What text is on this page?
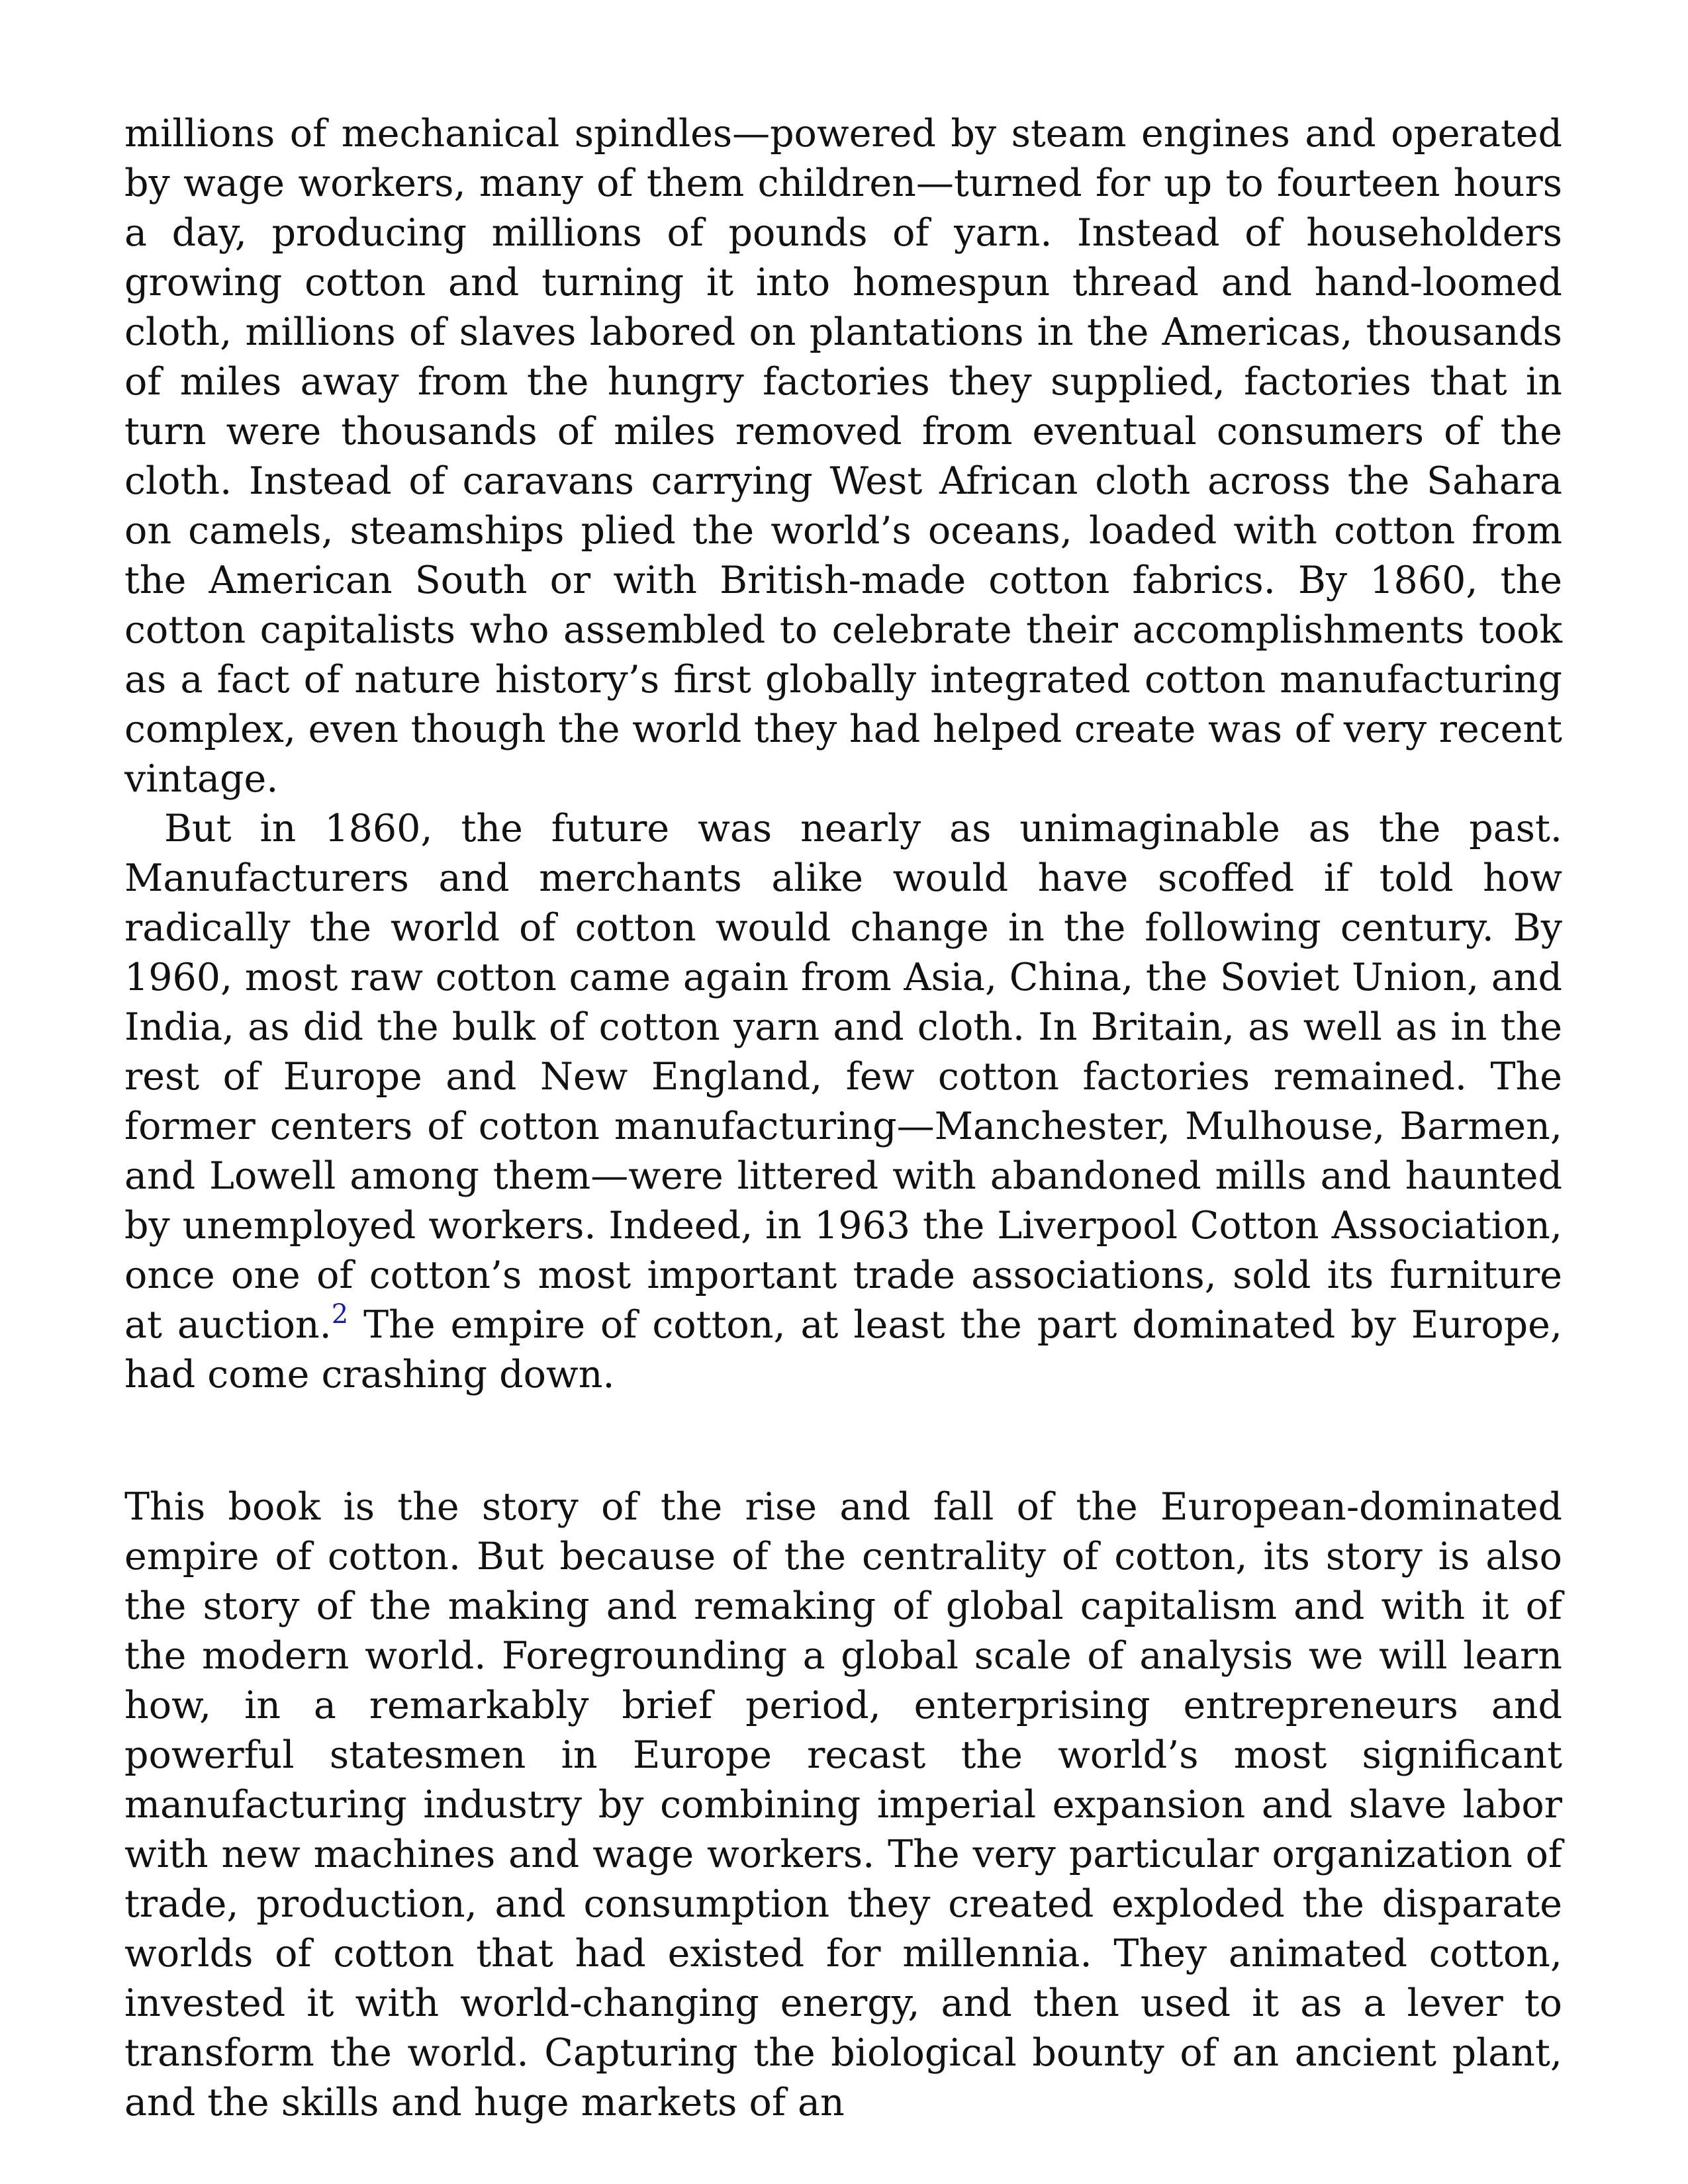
millions of mechanical spindles—powered by steam engines and operated by wage workers, many of them children—turned for up to fourteen hours a day, producing millions of pounds of yarn. Instead of householders growing cotton and turning it into homespun thread and hand-loomed cloth, millions of slaves labored on plantations in the Americas, thousands of miles away from the hungry factories they supplied, factories that in turn were thousands of miles removed from eventual consumers of the cloth. Instead of caravans carrying West African cloth across the Sahara on camels, steamships plied the world’s oceans, loaded with cotton from the American South or with British-made cotton fabrics. By 1860, the cotton capitalists who assembled to celebrate their accomplishments took as a fact of nature history’s first globally integrated cotton manufacturing complex, even though the world they had helped create was of very recent vintage.

But in 1860, the future was nearly as unimaginable as the past. Manufacturers and merchants alike would have scoffed if told how radically the world of cotton would change in the following century. By 1960, most raw cotton came again from Asia, China, the Soviet Union, and India, as did the bulk of cotton yarn and cloth. In Britain, as well as in the rest of Europe and New England, few cotton factories remained. The former centers of cotton manufacturing—Manchester, Mulhouse, Barmen, and Lowell among them—were littered with abandoned mills and haunted by unemployed workers. Indeed, in 1963 the Liverpool Cotton Association, once one of cotton’s most important trade associations, sold its furniture at auction.$^2$ The empire of cotton, at least the part dominated by Europe, had come crashing down.

This book is the story of the rise and fall of the European-dominated empire of cotton. But because of the centrality of cotton, its story is also the story of the making and remaking of global capitalism and with it of the modern world. Foregrounding a global scale of analysis we will learn how, in a remarkably brief period, enterprising entrepreneurs and powerful statesmen in Europe recast the world’s most significant manufacturing industry by combining imperial expansion and slave labor with new machines and wage workers. The very particular organization of trade, production, and consumption they created exploded the disparate worlds of cotton that had existed for millennia. They animated cotton, invested it with world-changing energy, and then used it as a lever to transform the world. Capturing the biological bounty of an ancient plant, and the skills and huge markets of an
